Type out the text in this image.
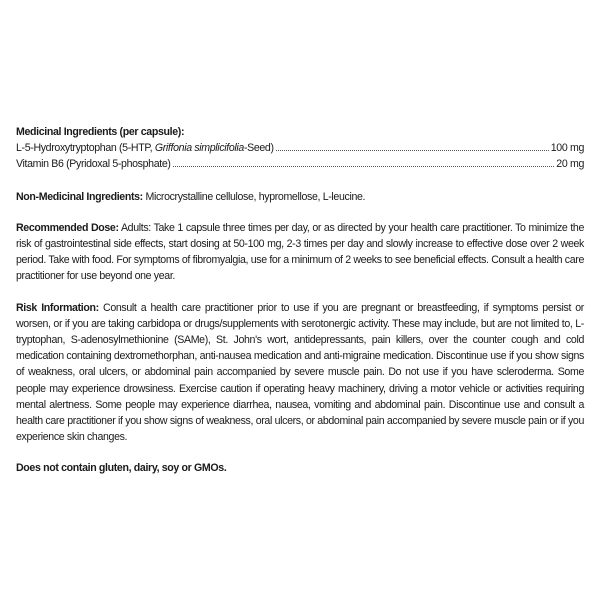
Medicinal Ingredients (per capsule):
L-5-Hydroxytryptophan (5-HTP, Griffonia simplicifolia-Seed)	100 mg
Vitamin B6 (Pyridoxal 5-phosphate)	20 mg

Non-Medicinal Ingredients: Microcrystalline cellulose, hypromellose, L-leucine.

Recommended Dose: Adults: Take 1 capsule three times per day, or as directed by your health care practitioner. To minimize the risk of gastrointestinal side effects, start dosing at 50-100 mg, 2-3 times per day and slowly increase to effective dose over 2 week period. Take with food. For symptoms of fibromyalgia, use for a minimum of 2 weeks to see beneficial effects. Consult a health care practitioner for use beyond one year.

Risk Information: Consult a health care practitioner prior to use if you are pregnant or breastfeeding, if symptoms persist or worsen, or if you are taking carbidopa or drugs/supplements with serotonergic activity. These may include, but are not limited to, L-tryptophan, S-adenosylmethionine (SAMe), St. John's wort, antidepressants, pain killers, over the counter cough and cold medication containing dextromethorphan, anti-nausea medication and anti-migraine medication. Discontinue use if you show signs of weakness, oral ulcers, or abdominal pain accompanied by severe muscle pain. Do not use if you have scleroderma. Some people may experience drowsiness. Exercise caution if operating heavy machinery, driving a motor vehicle or activities requiring mental alertness. Some people may experience diarrhea, nausea, vomiting and abdominal pain. Discontinue use and consult a health care practitioner if you show signs of weakness, oral ulcers, or abdominal pain accompanied by severe muscle pain or if you experience skin changes.

Does not contain gluten, dairy, soy or GMOs.
